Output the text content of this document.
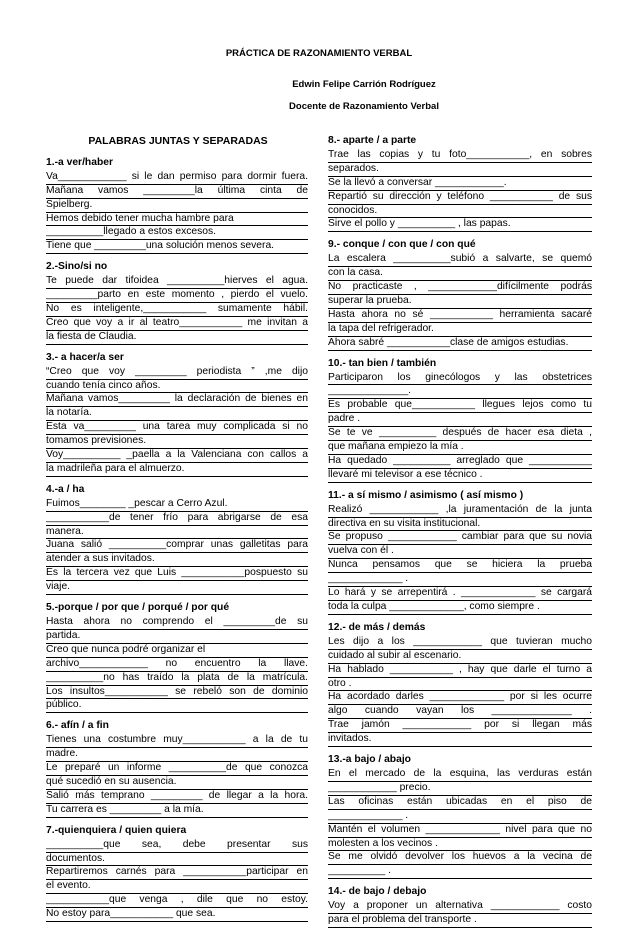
PRÁCTICA DE RAZONAMIENTO VERBAL
Edwin Felipe Carrión Rodríguez
Docente de Razonamiento Verbal
PALABRAS JUNTAS Y SEPARADAS
1.-a ver/haber
Va____________ si le dan permiso para dormir fuera.
Mañana vamos _________la última cinta de
Spielberg.
Hemos debido tener mucha hambre para
__________llegado a estos excesos.
Tiene que _________una solución menos severa.
2.-Sino/si no
Te puede dar tifoidea __________hierves el agua.
_________parto en este momento , pierdo el vuelo.
No es inteligente,___________ sumamente hábil.
Creo que voy a ir al teatro___________ me invitan a
la fiesta de Claudia.
3.- a hacer/a ser
“Creo que voy _________ periodista ” ,me dijo
cuando tenía cinco años.
Mañana vamos_________ la declaración de bienes en
la notaría.
Esta va_________ una tarea muy complicada si no
tomamos previsiones.
Voy__________ _paella a la Valenciana con callos a
la madrileña para el almuerzo.
4.-a / ha
Fuimos________ _pescar a Cerro Azul.
___________de tener frío para abrigarse de esa
manera.
Juana salió __________comprar unas galletitas para
atender a sus invitados.
Es la tercera vez que Luis ___________pospuesto su
viaje.
5.-porque / por que / porqué / por qué
Hasta ahora no comprendo el _________de su
partida.
Creo que nunca podré organizar el
archivo____________ no encuentro la llave.
__________no has traído la plata de la matrícula.
Los insultos___________ se rebeló son de dominio
público.
6.- afín / a fin
Tienes una costumbre muy___________ a la de tu
madre.
Le preparé un informe __________de que conozca
qué sucedió en su ausencia.
Salió más temprano _________ de llegar a la hora.
Tu carrera es _________ a la mía.
7.-quienquiera / quien quiera
__________que sea, debe presentar sus
documentos.
Repartiremos carnés para ___________participar en
el evento.
___________que venga , dile que no estoy.
No estoy para___________ que sea.
8.- aparte / a parte
Trae las copias y tu foto___________, en sobres
separados.
Se la llevó a conversar ____________.
Repartió su dirección y teléfono ___________ de sus
conocidos.
Sirve el pollo y __________ , las papas.
9.- conque / con que / con qué
La escalera __________subió a salvarte, se quemó
con la casa.
No practicaste , ____________difícilmente podrás
superar la prueba.
Hasta ahora no sé ___________ herramienta sacaré
la tapa del refrigerador.
Ahora sabré ___________clase de amigos estudias.
10.- tan bien / también
Participaron los ginecólogos y las obstetrices
______________.
Es probable que___________ llegues lejos como tu
padre .
Se te ve __________ después de hacer esa dieta ,
que mañana empiezo la mía .
Ha quedado __________ arreglado que ___________
llevaré mi televisor a ese técnico .
11.- a sí mismo / asimismo ( así mismo )
Realizó ____________ ,la juramentación de la junta
directiva en su visita institucional.
Se propuso ____________ cambiar para que su novia
vuelva con él .
Nunca pensamos que se hiciera la prueba
_____________ .
Lo hará y se arrepentirá . _____________ se cargará
toda la culpa _____________, como siempre .
12.- de más / demás
Les dijo a los ____________ que tuvieran mucho
cuidado al subir al escenario.
Ha hablado ___________ , hay que darle el turno a
otro .
Ha acordado darles _____________ por si les ocurre
algo cuando vayan los ______________ .
Trae jamón ____________ por si llegan más
invitados.
13.-a bajo / abajo
En el mercado de la esquina, las verduras están
____________ precio.
Las oficinas están ubicadas en el piso de
_____________ .
Mantén el volumen _____________ nivel para que no
molesten a los vecinos .
Se me olvidó devolver los huevos a la vecina de
__________ .
14.- de bajo / debajo
Voy a proponer un alternativa ____________ costo
para el problema del transporte .
